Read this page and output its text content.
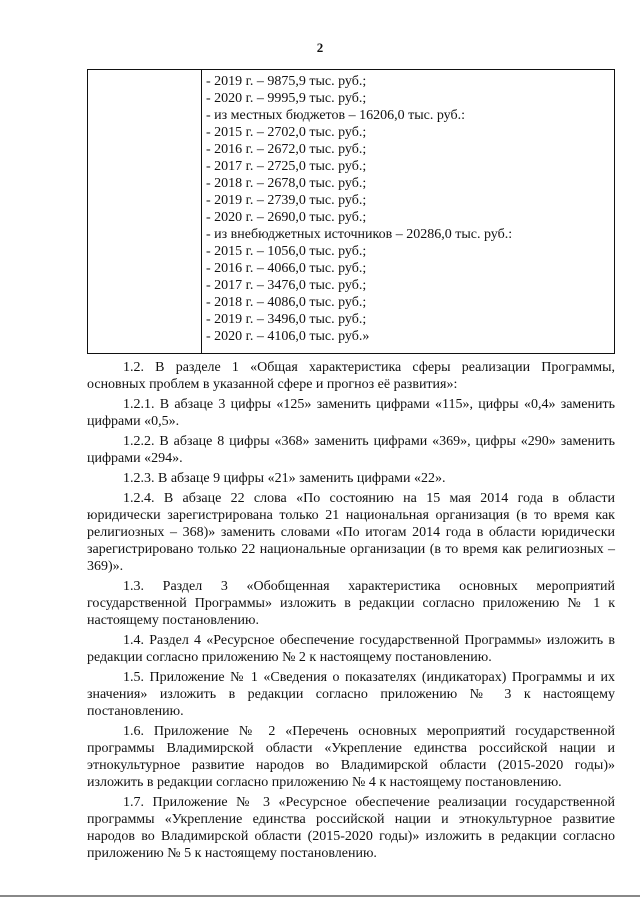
2
- 2019 г. – 9875,9 тыс. руб.;
- 2020 г. – 9995,9 тыс. руб.;
- из местных бюджетов – 16206,0 тыс. руб.:
- 2015 г. – 2702,0 тыс. руб.;
- 2016 г. – 2672,0 тыс. руб.;
- 2017 г. – 2725,0 тыс. руб.;
- 2018 г. – 2678,0 тыс. руб.;
- 2019 г. – 2739,0 тыс. руб.;
- 2020 г. – 2690,0 тыс. руб.;
- из внебюджетных источников – 20286,0 тыс. руб.:
- 2015 г. – 1056,0 тыс. руб.;
- 2016 г. – 4066,0 тыс. руб.;
- 2017 г. – 3476,0 тыс. руб.;
- 2018 г. – 4086,0 тыс. руб.;
- 2019 г. – 3496,0 тыс. руб.;
- 2020 г. – 4106,0 тыс. руб.»

1.2. В разделе 1 «Общая характеристика сферы реализации Программы, основных проблем в указанной сфере и прогноз её развития»:

1.2.1. В абзаце 3 цифры «125» заменить цифрами «115», цифры «0,4» заменить цифрами «0,5».

1.2.2. В абзаце 8 цифры «368» заменить цифрами «369», цифры «290» заменить цифрами «294».

1.2.3. В абзаце 9 цифры «21» заменить цифрами «22».

1.2.4. В абзаце 22 слова «По состоянию на 15 мая 2014 года в области юридически зарегистрирована только 21 национальная организация (в то время как религиозных – 368)» заменить словами «По итогам 2014 года в области юридически зарегистрировано только 22 национальные организации (в то время как религиозных – 369)».

1.3. Раздел 3 «Обобщенная характеристика основных мероприятий государственной Программы» изложить в редакции согласно приложению № 1 к настоящему постановлению.

1.4. Раздел 4 «Ресурсное обеспечение государственной Программы» изложить в редакции согласно приложению № 2 к настоящему постановлению.

1.5. Приложение № 1 «Сведения о показателях (индикаторах) Программы и их значения» изложить в редакции согласно приложению № 3 к настоящему постановлению.

1.6. Приложение № 2 «Перечень основных мероприятий государственной программы Владимирской области «Укрепление единства российской нации и этнокультурное развитие народов во Владимирской области (2015-2020 годы)» изложить в редакции согласно приложению № 4 к настоящему постановлению.

1.7. Приложение № 3 «Ресурсное обеспечение реализации государственной программы «Укрепление единства российской нации и этнокультурное развитие народов во Владимирской области (2015-2020 годы)» изложить в редакции согласно приложению № 5 к настоящему постановлению.
